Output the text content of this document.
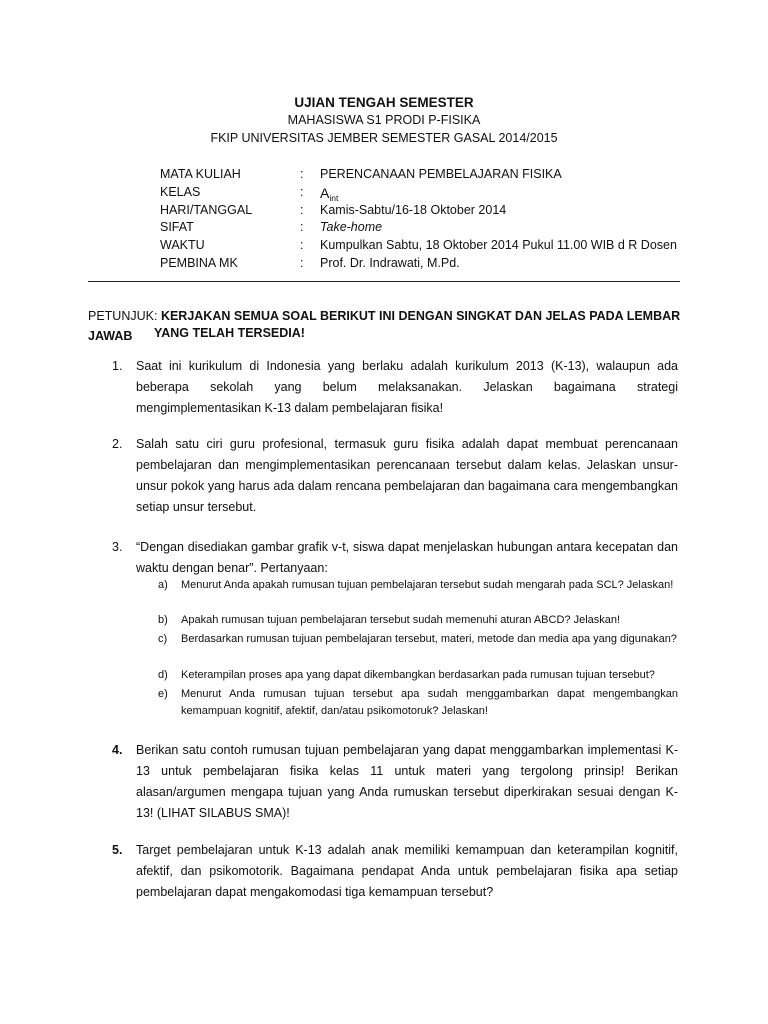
UJIAN TENGAH SEMESTER
MAHASISWA S1 PRODI P-FISIKA
FKIP UNIVERSITAS JEMBER SEMESTER GASAL 2014/2015
MATA KULIAH	: PERENCANAAN PEMBELAJARAN FISIKA
KELAS	: $A_{int}$
HARI/TANGGAL	: Kamis-Sabtu/16-18 Oktober 2014
SIFAT	: Take-home
WAKTU	: Kumpulkan Sabtu, 18 Oktober 2014 Pukul 11.00 WIB d R Dosen
PEMBINA MK	: Prof. Dr. Indrawati, M.Pd.
PETUNJUK: KERJAKAN SEMUA SOAL BERIKUT INI DENGAN SINGKAT DAN JELAS PADA LEMBAR JAWAB	YANG TELAH TERSEDIA!
1. Saat ini kurikulum di Indonesia yang berlaku adalah kurikulum 2013 (K-13), walaupun ada beberapa sekolah yang belum melaksanakan. Jelaskan bagaimana strategi mengimplementasikan K-13 dalam pembelajaran fisika!
2. Salah satu ciri guru profesional, termasuk guru fisika adalah dapat membuat perencanaan pembelajaran dan mengimplementasikan perencanaan tersebut dalam kelas. Jelaskan unsur-unsur pokok yang harus ada dalam rencana pembelajaran dan bagaimana cara mengembangkan setiap unsur tersebut.
3. “Dengan disediakan gambar grafik v-t, siswa dapat menjelaskan hubungan antara kecepatan dan waktu dengan benar”. Pertanyaan:
a) Menurut Anda apakah rumusan tujuan pembelajaran tersebut sudah mengarah pada SCL? Jelaskan!
b) Apakah rumusan tujuan pembelajaran tersebut sudah memenuhi aturan ABCD? Jelaskan!
c) Berdasarkan rumusan tujuan pembelajaran tersebut, materi, metode dan media apa yang digunakan?
d) Keterampilan proses apa yang dapat dikembangkan berdasarkan pada rumusan tujuan tersebut?
e) Menurut Anda rumusan tujuan tersebut apa sudah menggambarkan dapat mengembangkan kemampuan kognitif, afektif, dan/atau psikomotoruk? Jelaskan!
4. Berikan satu contoh rumusan tujuan pembelajaran yang dapat menggambarkan implementasi K-13 untuk pembelajaran fisika kelas 11 untuk materi yang tergolong prinsip! Berikan alasan/argumen mengapa tujuan yang Anda rumuskan tersebut diperkirakan sesuai dengan K-13! (LIHAT SILABUS SMA)!
5. Target pembelajaran untuk K-13 adalah anak memiliki kemampuan dan keterampilan kognitif, afektif, dan psikomotorik. Bagaimana pendapat Anda untuk pembelajaran fisika apa setiap pembelajaran dapat mengakomodasi tiga kemampuan tersebut?
